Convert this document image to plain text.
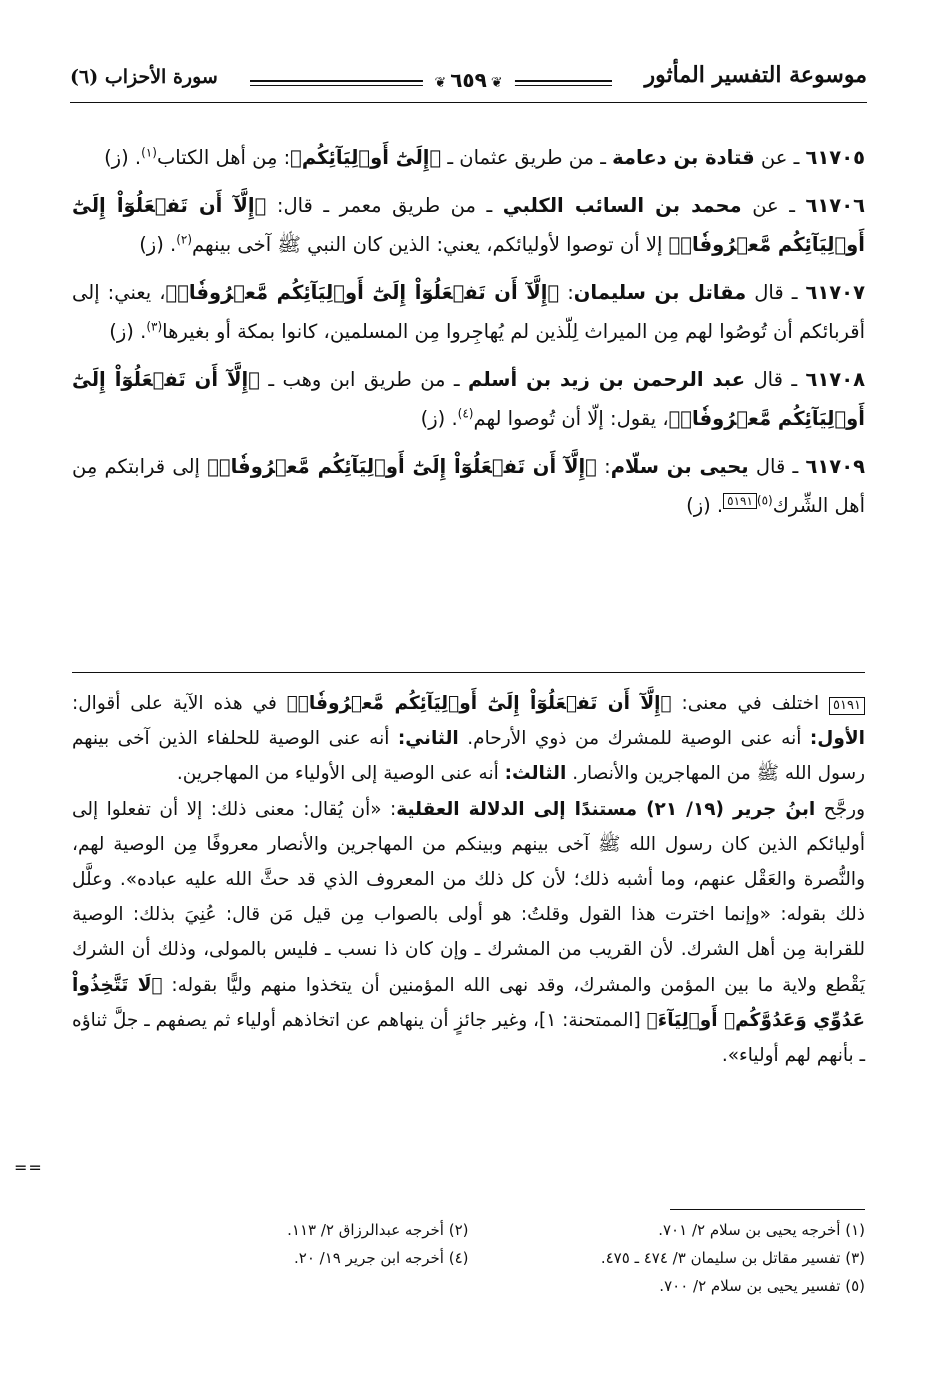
موسوعة التفسير المأثور
❦٦٥٩❦
سورة الأحزاب (٦)

٦١٧٠٥ ـ عن قتادة بن دعامة ـ من طريق عثمان ـ ﴿إِلَىٰٓ أَوۡلِيَآئِكُم﴾: مِن أهل الكتاب$^{(١)}$. (ز)

٦١٧٠٦ ـ عن محمد بن السائب الكلبي ـ من طريق معمر ـ قال: ﴿إِلَّآ أَن تَفۡعَلُوٓاْ إِلَىٰٓ أَوۡلِيَآئِكُم مَّعۡرُوفٗاۚ﴾ إلا أن توصوا لأوليائكم، يعني: الذين كان النبي ﷺ آخى بينهم$^{(٢)}$. (ز)

٦١٧٠٧ ـ قال مقاتل بن سليمان: ﴿إِلَّآ أَن تَفۡعَلُوٓاْ إِلَىٰٓ أَوۡلِيَآئِكُم مَّعۡرُوفٗاۚ﴾، يعني: إلى أقربائكم أن تُوصُوا لهم مِن الميراث لِلّذين لم يُهاجِروا مِن المسلمين، كانوا بمكة أو بغيرها$^{(٣)}$. (ز)

٦١٧٠٨ ـ قال عبد الرحمن بن زيد بن أسلم ـ من طريق ابن وهب ـ ﴿إِلَّآ أَن تَفۡعَلُوٓاْ إِلَىٰٓ أَوۡلِيَآئِكُم مَّعۡرُوفٗاۚ﴾، يقول: إلّا أن تُوصوا لهم$^{(٤)}$. (ز)

٦١٧٠٩ ـ قال يحيى بن سلّام: ﴿إِلَّآ أَن تَفۡعَلُوٓاْ إِلَىٰٓ أَوۡلِيَآئِكُم مَّعۡرُوفٗاۚ﴾ إلى قرابتكم مِن أهل الشِّرك$^{(٥)}$٥١٩١. (ز)

٥١٩١ اختلف في معنى: ﴿إِلَّآ أَن تَفۡعَلُوٓاْ إِلَىٰٓ أَوۡلِيَآئِكُم مَّعۡرُوفٗاۚ﴾ في هذه الآية على أقوال: الأول: أنه عنى الوصية للمشرك من ذوي الأرحام. الثاني: أنه عنى الوصية للحلفاء الذين آخى بينهم رسول الله ﷺ من المهاجرين والأنصار. الثالث: أنه عنى الوصية إلى الأولياء من المهاجرين.

ورجَّح ابنُ جرير (١٩/ ٢١) مستندًا إلى الدلالة العقلية: «أن يُقال: معنى ذلك: إلا أن تفعلوا إلى أوليائكم الذين كان رسول الله ﷺ آخى بينهم وبينكم من المهاجرين والأنصار معروفًا مِن الوصية لهم، والنُّصرة والعَقْل عنهم، وما أشبه ذلك؛ لأن كل ذلك من المعروف الذي قد حثَّ الله عليه عباده». وعلَّل ذلك بقوله: «وإنما اخترت هذا القول وقلتُ: هو أولى بالصواب مِن قيل مَن قال: عُنِيَ بذلك: الوصية للقرابة مِن أهل الشرك. لأن القريب من المشرك ـ وإن كان ذا نسب ـ فليس بالمولى، وذلك أن الشرك يَقْطع ولاية ما بين المؤمن والمشرك، وقد نهى الله المؤمنين أن يتخذوا منهم وليًّا بقوله: ﴿لَا تَتَّخِذُواْ عَدُوِّي وَعَدُوَّكُمۡ أَوۡلِيَآءَ﴾ [الممتحنة: ١]، وغير جائزٍ أن ينهاهم عن اتخاذهم أولياء ثم يصفهم ـ جلَّ ثناؤه ـ بأنهم لهم أولياء».

==
(١) أخرجه يحيى بن سلام ٢/ ٧٠١.
(٢) أخرجه عبدالرزاق ٢/ ١١٣.
(٣) تفسير مقاتل بن سليمان ٣/ ٤٧٤ ـ ٤٧٥.
(٤) أخرجه ابن جرير ١٩/ ٢٠.
(٥) تفسير يحيى بن سلام ٢/ ٧٠٠.
